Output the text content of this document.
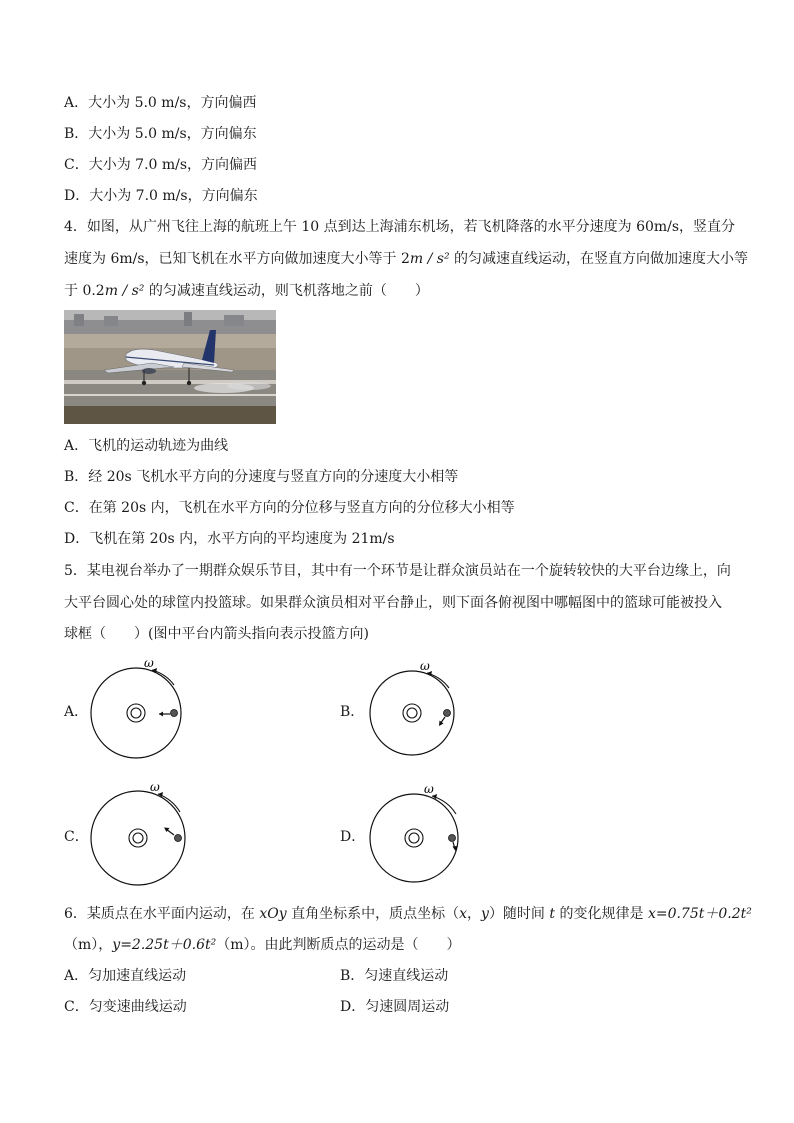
A．大小为 5.0 m/s，方向偏西
B．大小为 5.0 m/s，方向偏东
C．大小为 7.0 m/s，方向偏西
D．大小为 7.0 m/s，方向偏东
4．如图，从广州飞往上海的航班上午 10 点到达上海浦东机场，若飞机降落的水平分速度为 60m/s，竖直分
速度为 6m/s，已知飞机在水平方向做加速度大小等于 2m / s² 的匀减速直线运动，在竖直方向做加速度大小等
于 0.2m / s² 的匀减速直线运动，则飞机落地之前（　　）
A．飞机的运动轨迹为曲线
B．经 20s 飞机水平方向的分速度与竖直方向的分速度大小相等
C．在第 20s 内，飞机在水平方向的分位移与竖直方向的分位移大小相等
D．飞机在第 20s 内，水平方向的平均速度为 21m/s
5．某电视台举办了一期群众娱乐节目，其中有一个环节是让群众演员站在一个旋转较快的大平台边缘上，向
大平台圆心处的球筐内投篮球。如果群众演员相对平台静止，则下面各俯视图中哪幅图中的篮球可能被投入
球框（　　）(图中平台内箭头指向表示投篮方向)
A．
ω
B．
ω
C．
ω
D．
ω
6．某质点在水平面内运动，在 xOy 直角坐标系中，质点坐标（x，y）随时间 t 的变化规律是 x=0.75t＋0.2t²
（m），y=2.25t＋0.6t²（m）。由此判断质点的运动是（　　）
A．匀加速直线运动	B．匀速直线运动
C．匀变速曲线运动	D．匀速圆周运动
